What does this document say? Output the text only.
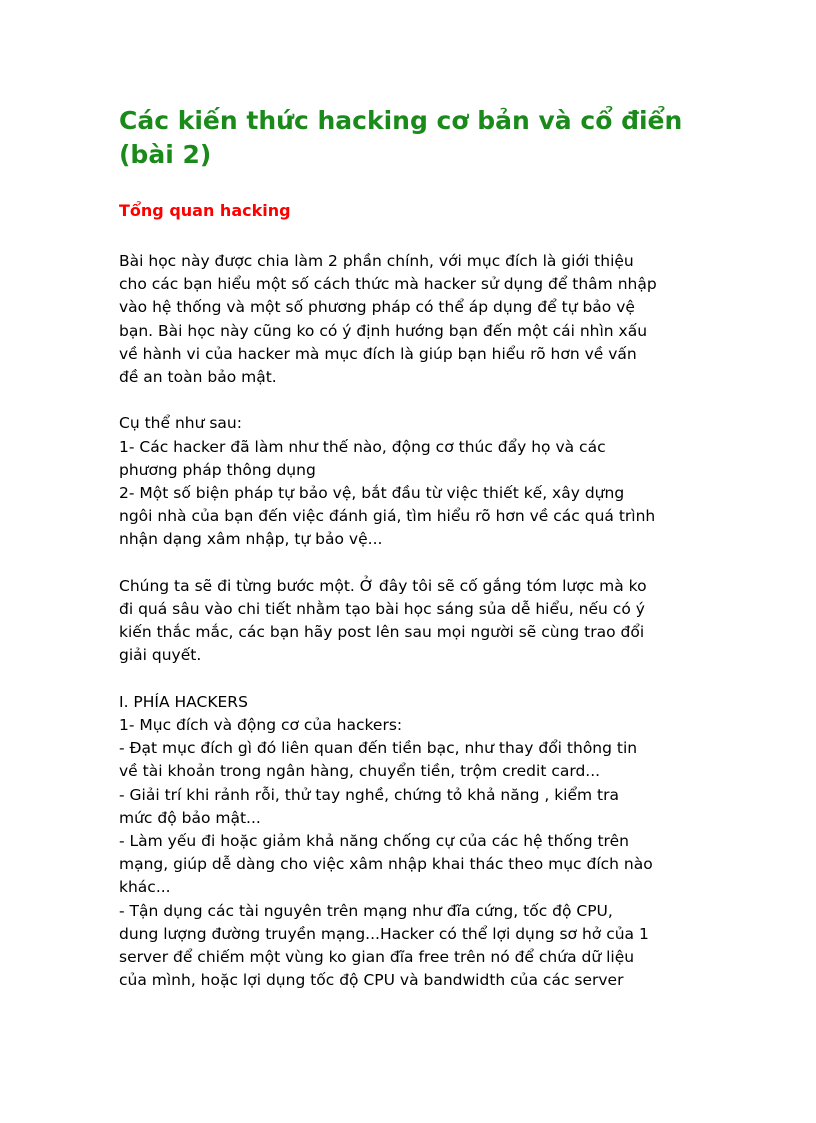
Các kiến thức hacking cơ bản và cổ điển
(bài 2)
Tổng quan hacking

Bài học này được chia làm 2 phần chính, với mục đích là giới thiệu
cho các bạn hiểu một số cách thức mà hacker sử dụng để thâm nhập
vào hệ thống và một số phương pháp có thể áp dụng để tự bảo vệ
bạn. Bài học này cũng ko có ý định hướng bạn đến một cái nhìn xấu
về hành vi của hacker mà mục đích là giúp bạn hiểu rõ hơn về vấn
đề an toàn bảo mật.

Cụ thể như sau:
1- Các hacker đã làm như thế nào, động cơ thúc đẩy họ và các
phương pháp thông dụng
2- Một số biện pháp tự bảo vệ, bắt đầu từ việc thiết kế, xây dựng
ngôi nhà của bạn đến việc đánh giá, tìm hiểu rõ hơn về các quá trình
nhận dạng xâm nhập, tự bảo vệ...

Chúng ta sẽ đi từng bước một. Ở đây tôi sẽ cố gắng tóm lược mà ko
đi quá sâu vào chi tiết nhằm tạo bài học sáng sủa dễ hiểu, nếu có ý
kiến thắc mắc, các bạn hãy post lên sau mọi người sẽ cùng trao đổi
giải quyết.

I. PHÍA HACKERS
1- Mục đích và động cơ của hackers:
- Đạt mục đích gì đó liên quan đến tiền bạc, như thay đổi thông tin
về tài khoản trong ngân hàng, chuyển tiền, trộm credit card...
- Giải trí khi rảnh rỗi, thử tay nghề, chứng tỏ khả năng , kiểm tra
mức độ bảo mật...
- Làm yếu đi hoặc giảm khả năng chống cự của các hệ thống trên
mạng, giúp dễ dàng cho việc xâm nhập khai thác theo mục đích nào
khác...
- Tận dụng các tài nguyên trên mạng như đĩa cứng, tốc độ CPU,
dung lượng đường truyền mạng...Hacker có thể lợi dụng sơ hở của 1
server để chiếm một vùng ko gian đĩa free trên nó để chứa dữ liệu
của mình, hoặc lợi dụng tốc độ CPU và bandwidth của các server
